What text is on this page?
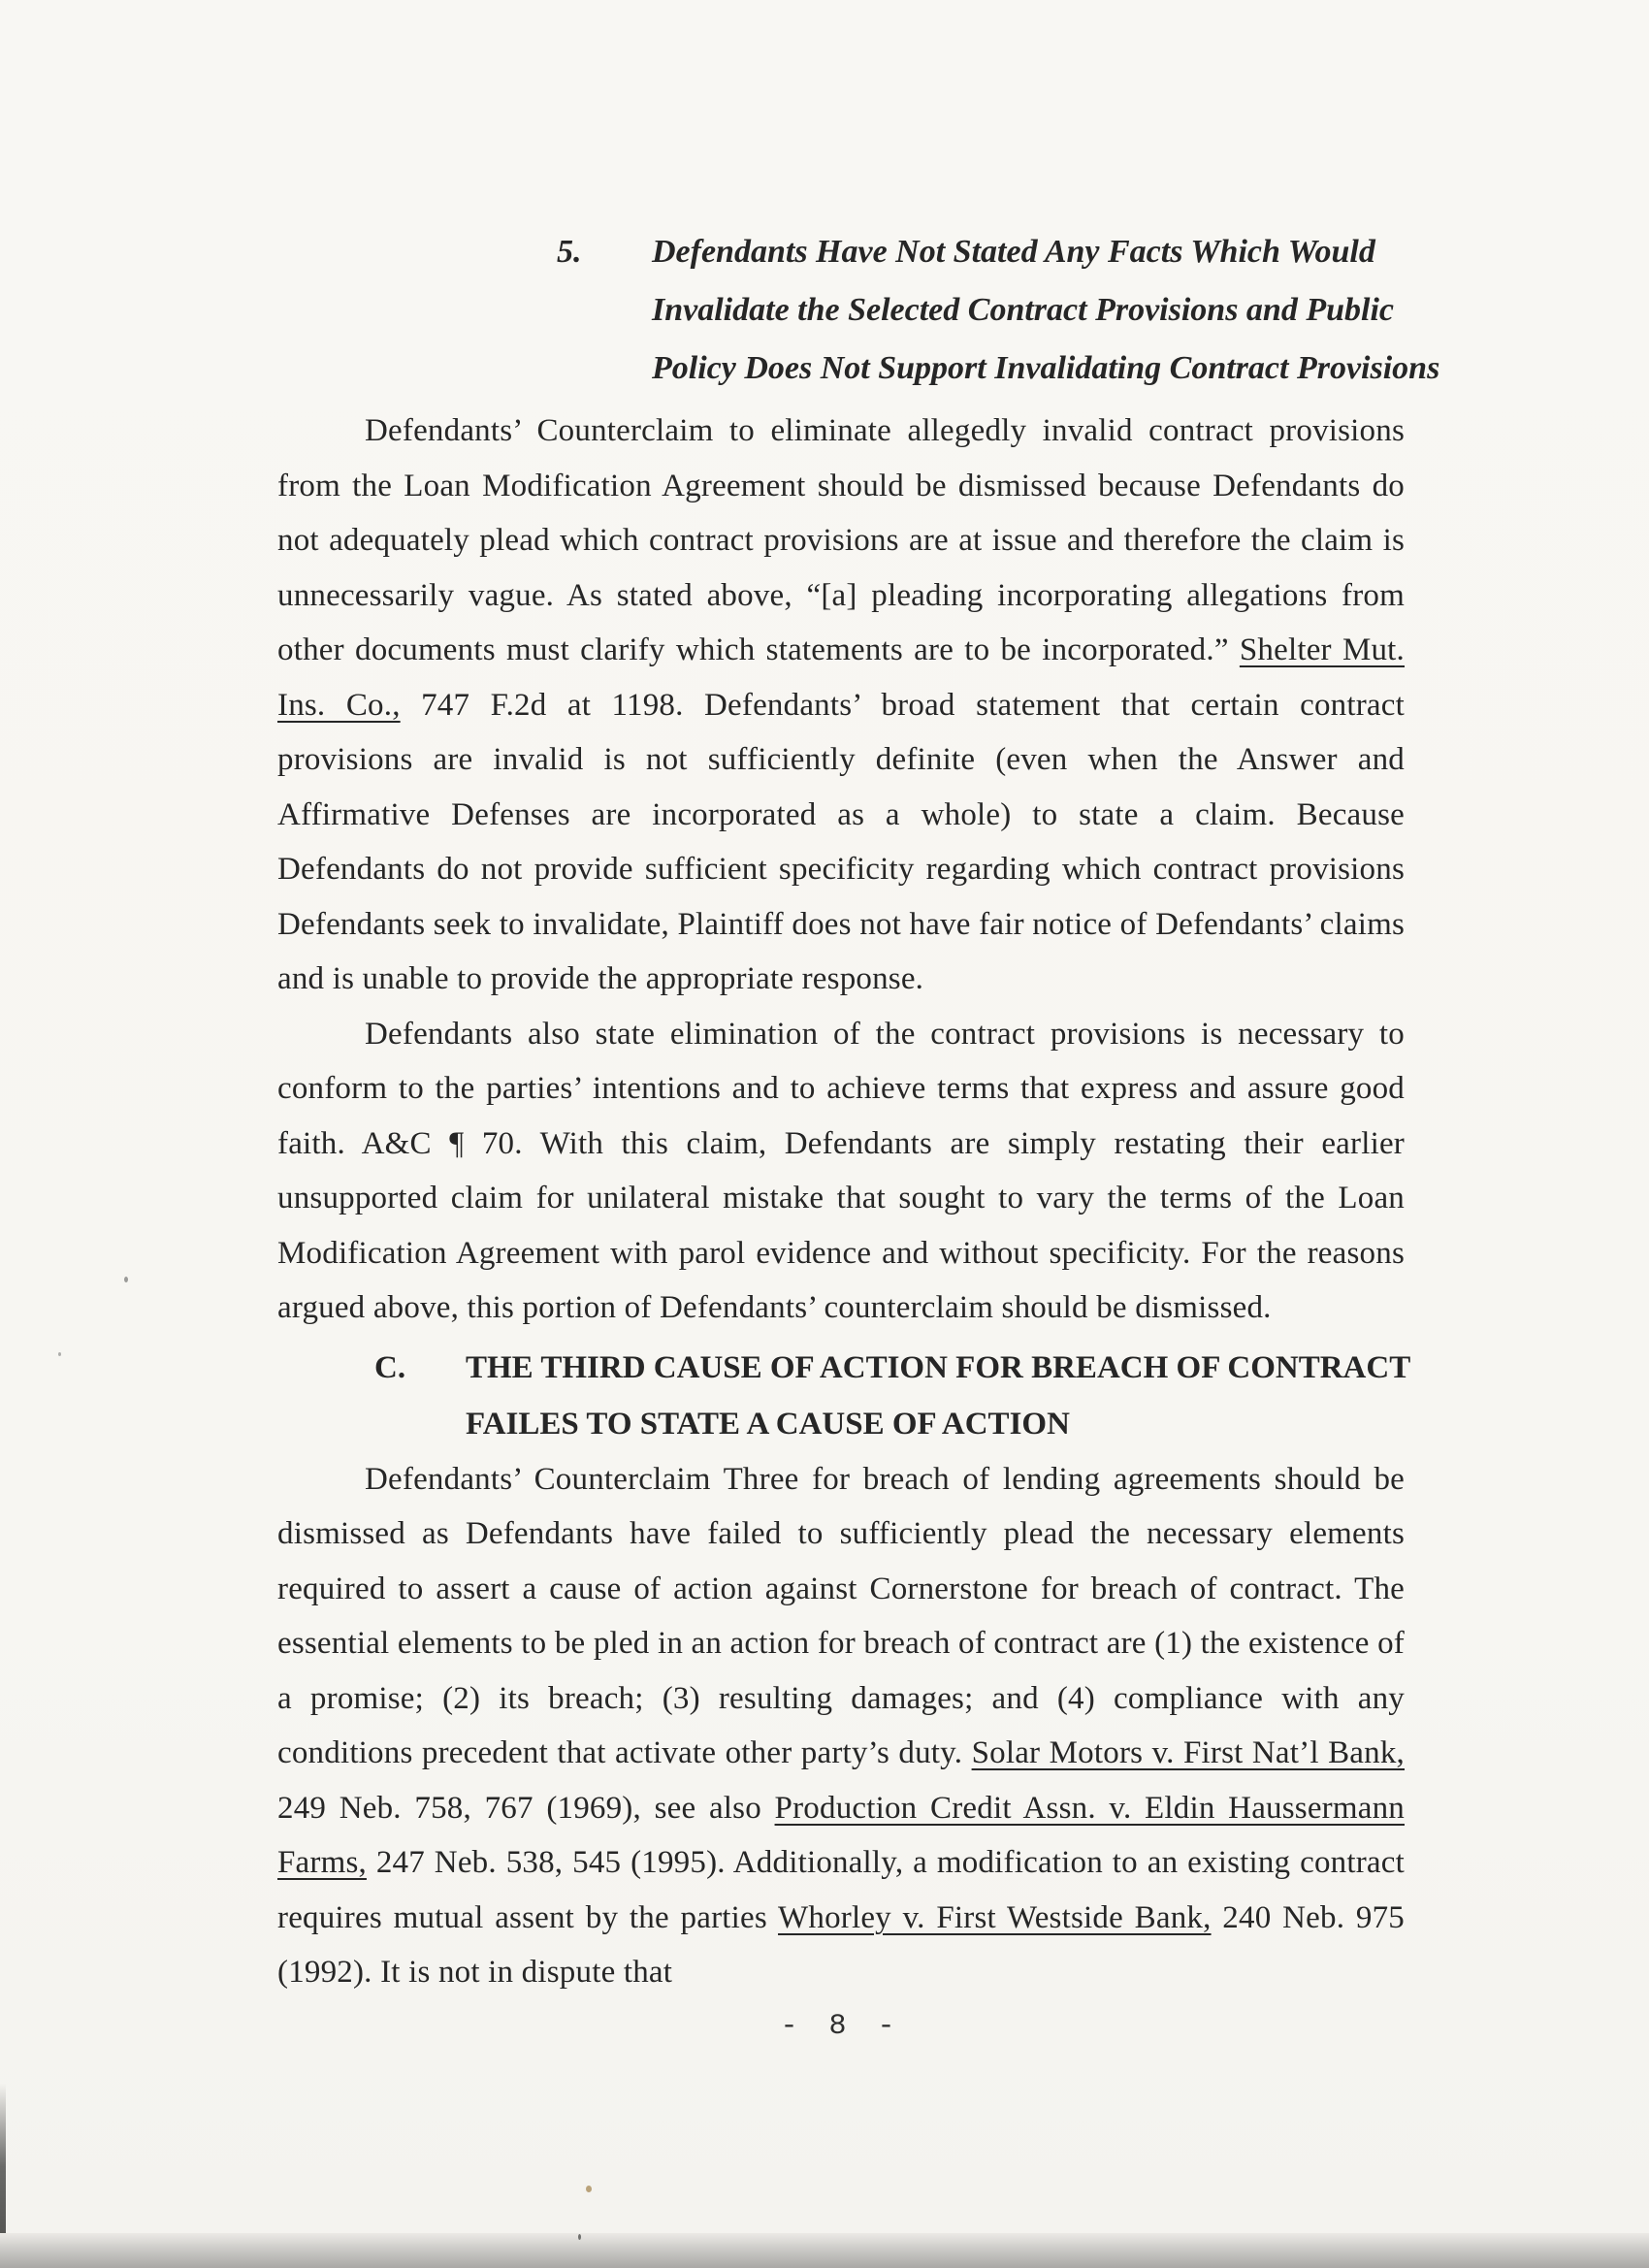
5. Defendants Have Not Stated Any Facts Which Would
Invalidate the Selected Contract Provisions and Public
Policy Does Not Support Invalidating Contract Provisions

Defendants’ Counterclaim to eliminate allegedly invalid contract provisions from the Loan Modification Agreement should be dismissed because Defendants do not adequately plead which contract provisions are at issue and therefore the claim is unnecessarily vague. As stated above, “[a] pleading incorporating allegations from other documents must clarify which statements are to be incorporated.” Shelter Mut. Ins. Co., 747 F.2d at 1198. Defendants’ broad statement that certain contract provisions are invalid is not sufficiently definite (even when the Answer and Affirmative Defenses are incorporated as a whole) to state a claim. Because Defendants do not provide sufficient specificity regarding which contract provisions Defendants seek to invalidate, Plaintiff does not have fair notice of Defendants’ claims and is unable to provide the appropriate response.

Defendants also state elimination of the contract provisions is necessary to conform to the parties’ intentions and to achieve terms that express and assure good faith. A&C ¶ 70. With this claim, Defendants are simply restating their earlier unsupported claim for unilateral mistake that sought to vary the terms of the Loan Modification Agreement with parol evidence and without specificity. For the reasons argued above, this portion of Defendants’ counterclaim should be dismissed.

C. THE THIRD CAUSE OF ACTION FOR BREACH OF CONTRACT
FAILES TO STATE A CAUSE OF ACTION

Defendants’ Counterclaim Three for breach of lending agreements should be dismissed as Defendants have failed to sufficiently plead the necessary elements required to assert a cause of action against Cornerstone for breach of contract. The essential elements to be pled in an action for breach of contract are (1) the existence of a promise; (2) its breach; (3) resulting damages; and (4) compliance with any conditions precedent that activate other party’s duty. Solar Motors v. First Nat’l Bank, 249 Neb. 758, 767 (1969), see also Production Credit Assn. v. Eldin Haussermann Farms, 247 Neb. 538, 545 (1995). Additionally, a modification to an existing contract requires mutual assent by the parties Whorley v. First Westside Bank, 240 Neb. 975 (1992). It is not in dispute that

- 8 -
